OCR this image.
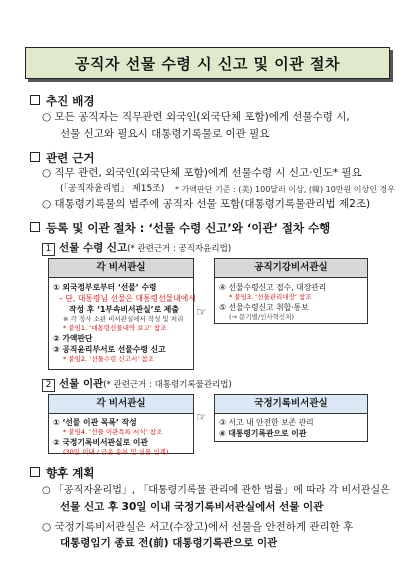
공직자 선물 수령 시 신고 및 이관 절차
추진 배경
○ 모든 공직자는 직무관련 외국인(외국단체 포함)에게 선물수령 시,
선물 신고와 필요시 대통령기록물로 이관 필요
관련 근거
○ 직무 관련, 외국인(외국단체 포함)에게 선물수령 시 신고·인도* 필요
(「공직자윤리법」 제15조) * 가액판단 기준 : (美) 100달러 이상, (韓) 10만원 이상인 경우
○ 대통령기록물의 범주에 공직자 선물 포함(대통령기록물관리법 제2조)
등록 및 이관 절차 : ‘선물 수령 신고’와 ‘이관’ 절차 수행
1 선물 수령 신고(* 관련근거 : 공직자윤리법)
각 비서관실
① 외국정부로부터 ‘선물’ 수령
– 단, 대통령님 선물은 대통령선물내에서
작성 후 ‘1부속비서관실’로 제출
※ 각 정사 소관 비서관실에서 작성 및 처리
* 붙임1. ‘대통령선물내역 보고’ 참조
② 가액판단
③ 공직윤리부서로 선물수령 신고
* 붙임2. ‘선물수령 신고서’ 참조
☞
공직기강비서관실
④ 선물수령신고 접수, 대장관리
* 붙임3. ‘선물관리대장’ 참조
⑤ 선물수령신고 취합·통보
(→ 문기별/인사혁신처)
2 선물 이관(* 관련근거 : 대통령기록물관리법)
각 비서관실
① ‘선물 이관 목록’ 작성
* 붙임4. ‘선물 이관목록 서식’ 참조
② 국정기록비서관실로 이관
(30일 이내 / 급운 송부 및 실물 인계)
☞
국정기록비서관실
③ 서고 내 안전한 보존 관리
④ 대통령기록관으로 이관
향후 계획
○ 「공직자윤리법」, 「대통령기록물 관리에 관한 법률」에 따라 각 비서관실은
선물 신고 후 30일 이내 국정기록비서관실에서 선물 이관
○ 국정기록비서관실은 서고(수장고)에서 선물을 안전하게 관리한 후
대통령임기 종료 전(前) 대통령기록관으로 이관
